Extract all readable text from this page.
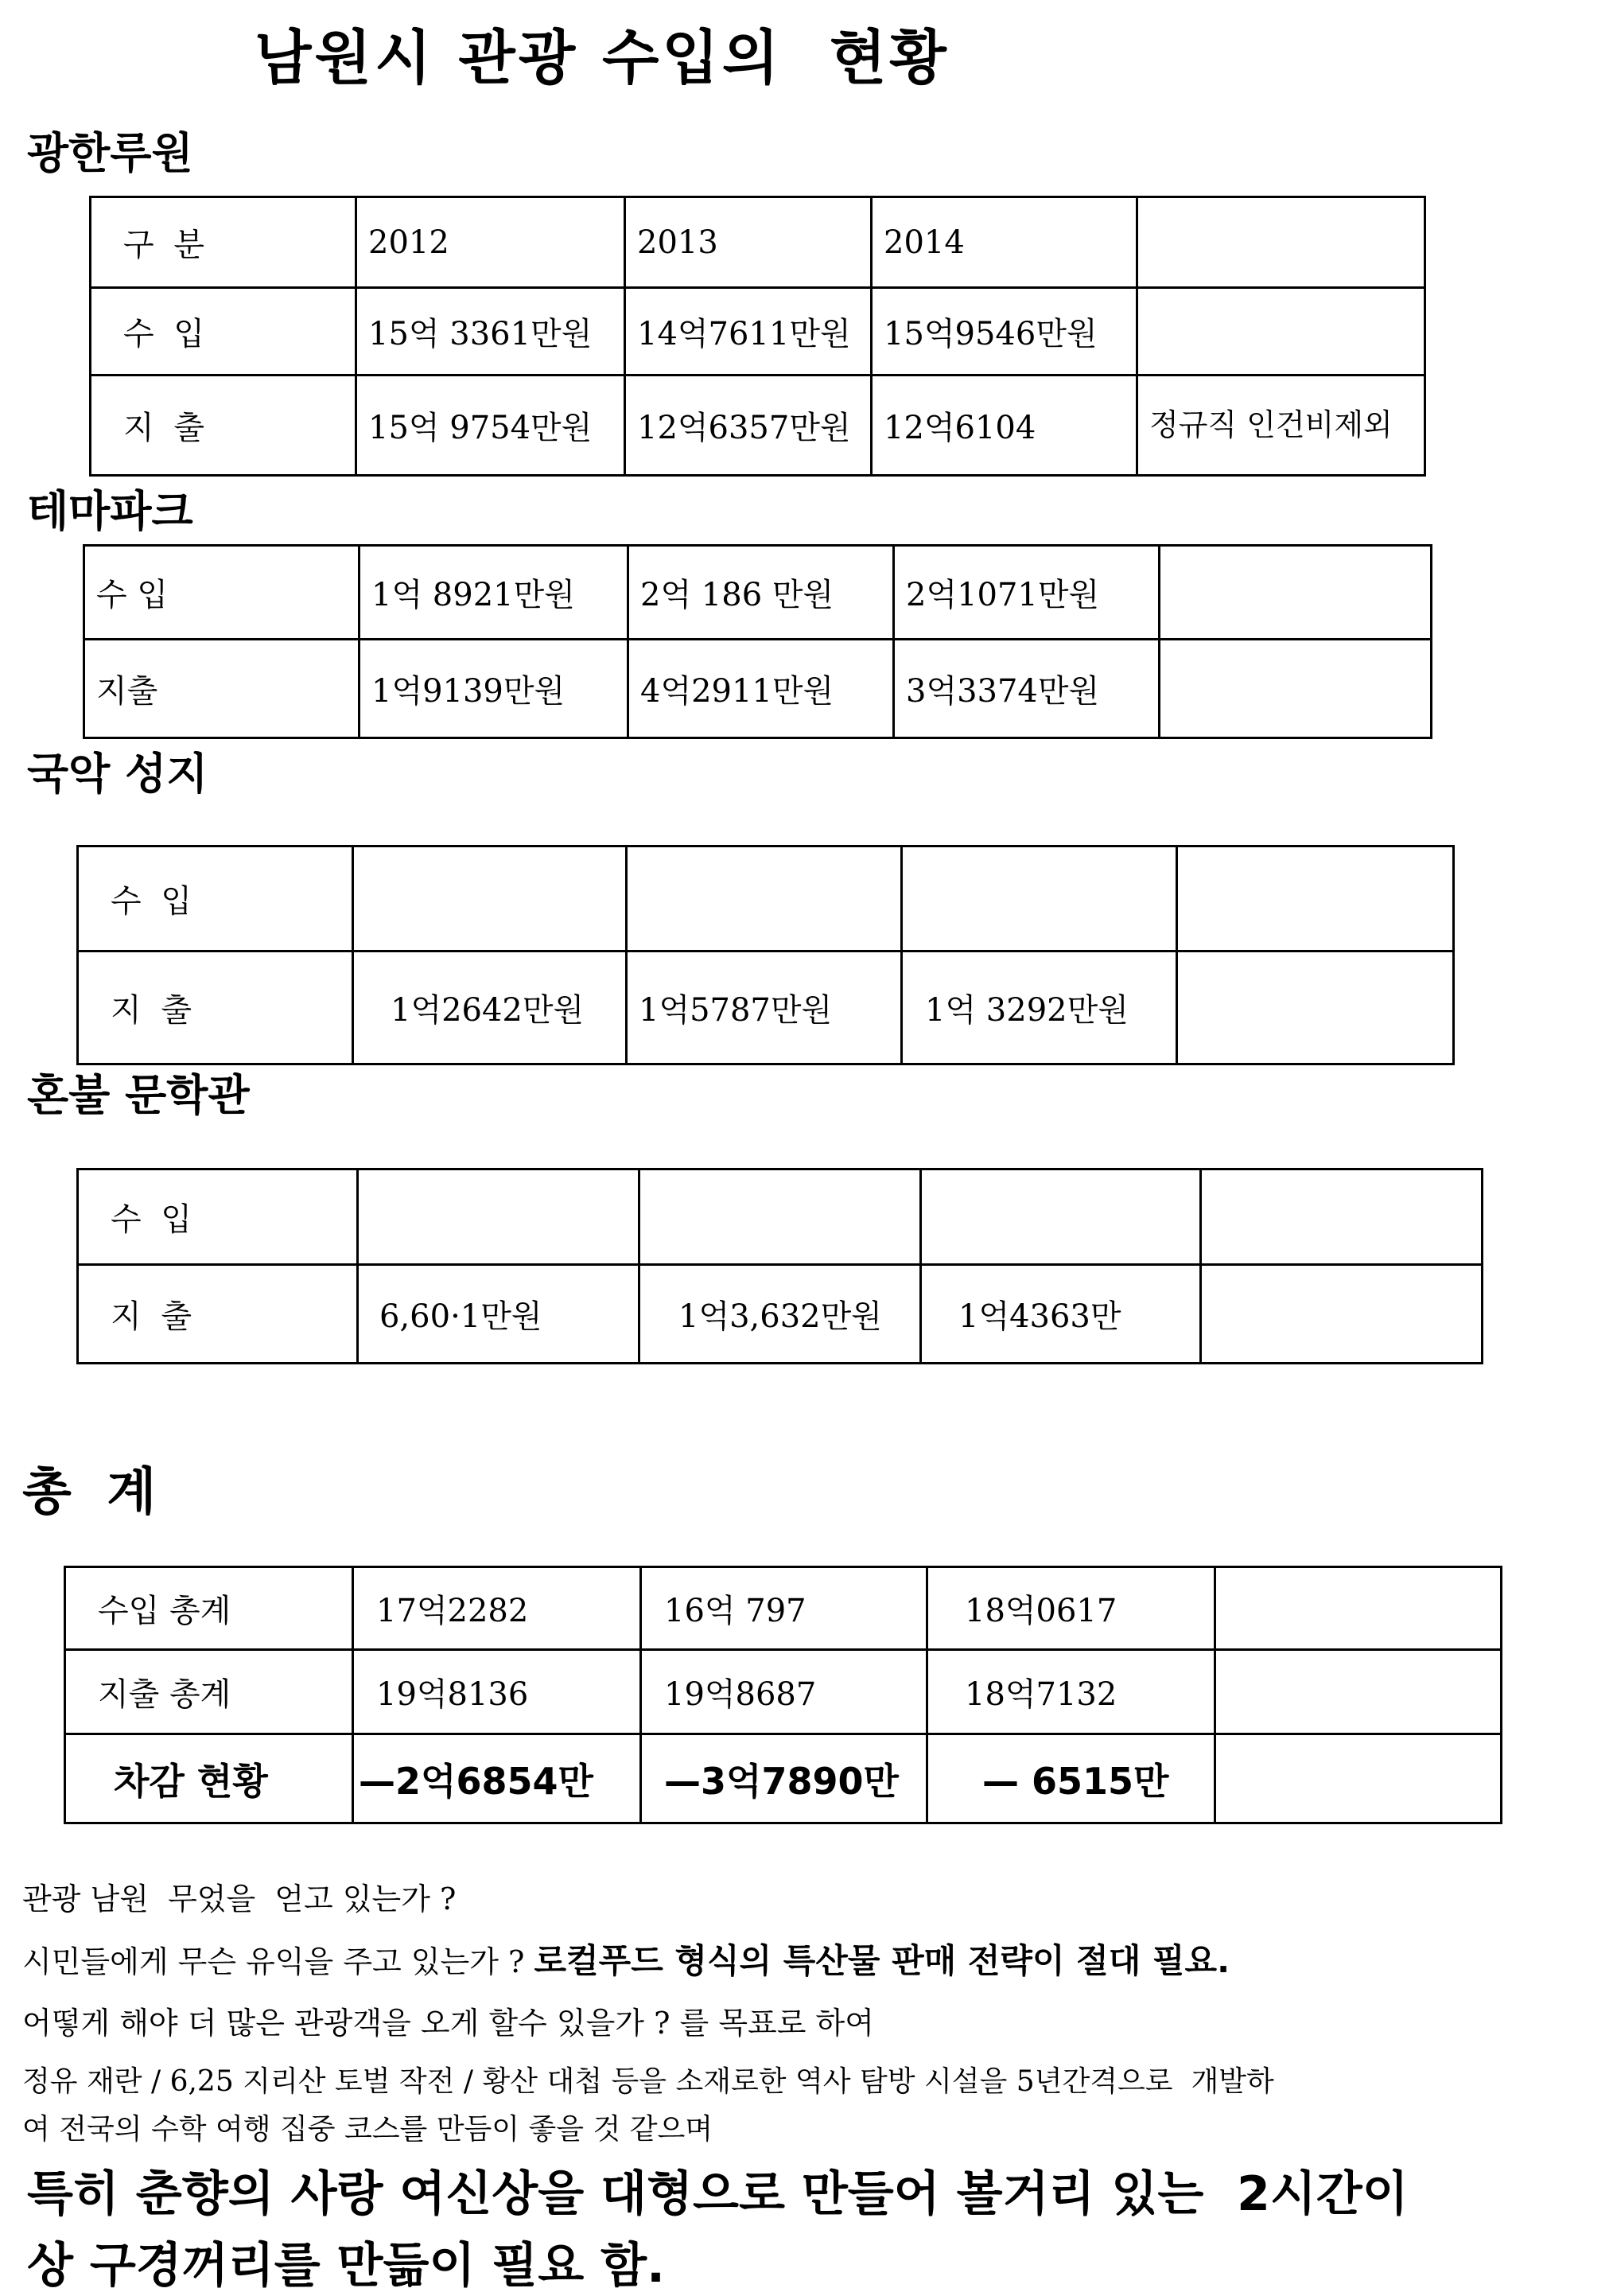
남원시 관광 수입의  현황
광한루원
구 분	2012	2013	2014	
수 입	15억 3361만원	14억7611만원	15억9546만원	
지 출	15억 9754만원	12억6357만원	12억6104	정규직 인건비제외
테마파크
수 입	1억 8921만원	2억 186 만원	2억1071만원	
지출	1억9139만원	4억2911만원	3억3374만원	
국악 성지
수 입				
지 출	1억2642만원	1억5787만원	1억 3292만원	
혼불 문학관
수 입				
지 출	6,60·1만원	1억3,632만원	1억4363만	
총  계
수입 총계	17억2282	16억 797	18억0617	
지출 총계	19억8136	19억8687	18억7132	
차감 현황	—2억6854만	—3억7890만	— 6515만	
관광 남원  무었을  얻고 있는가 ?
시민들에게 무슨 유익을 주고 있는가 ? 로컬푸드 형식의 특산물 판매 전략이 절대 필요.
어떻게 해야 더 많은 관광객을 오게 할수 있을가 ? 를 목표로 하여
정유 재란 / 6,25 지리산 토벌 작전 / 황산 대첩 등을 소재로한 역사 탐방 시설을 5년간격으로  개발하
여 전국의 수학 여행 집중 코스를 만듬이 좋을 것 같으며
특히 춘향의 사랑 여신상을 대형으로 만들어 볼거리 있는  2시간이
상 구경꺼리를 만듦이 필요 함.
